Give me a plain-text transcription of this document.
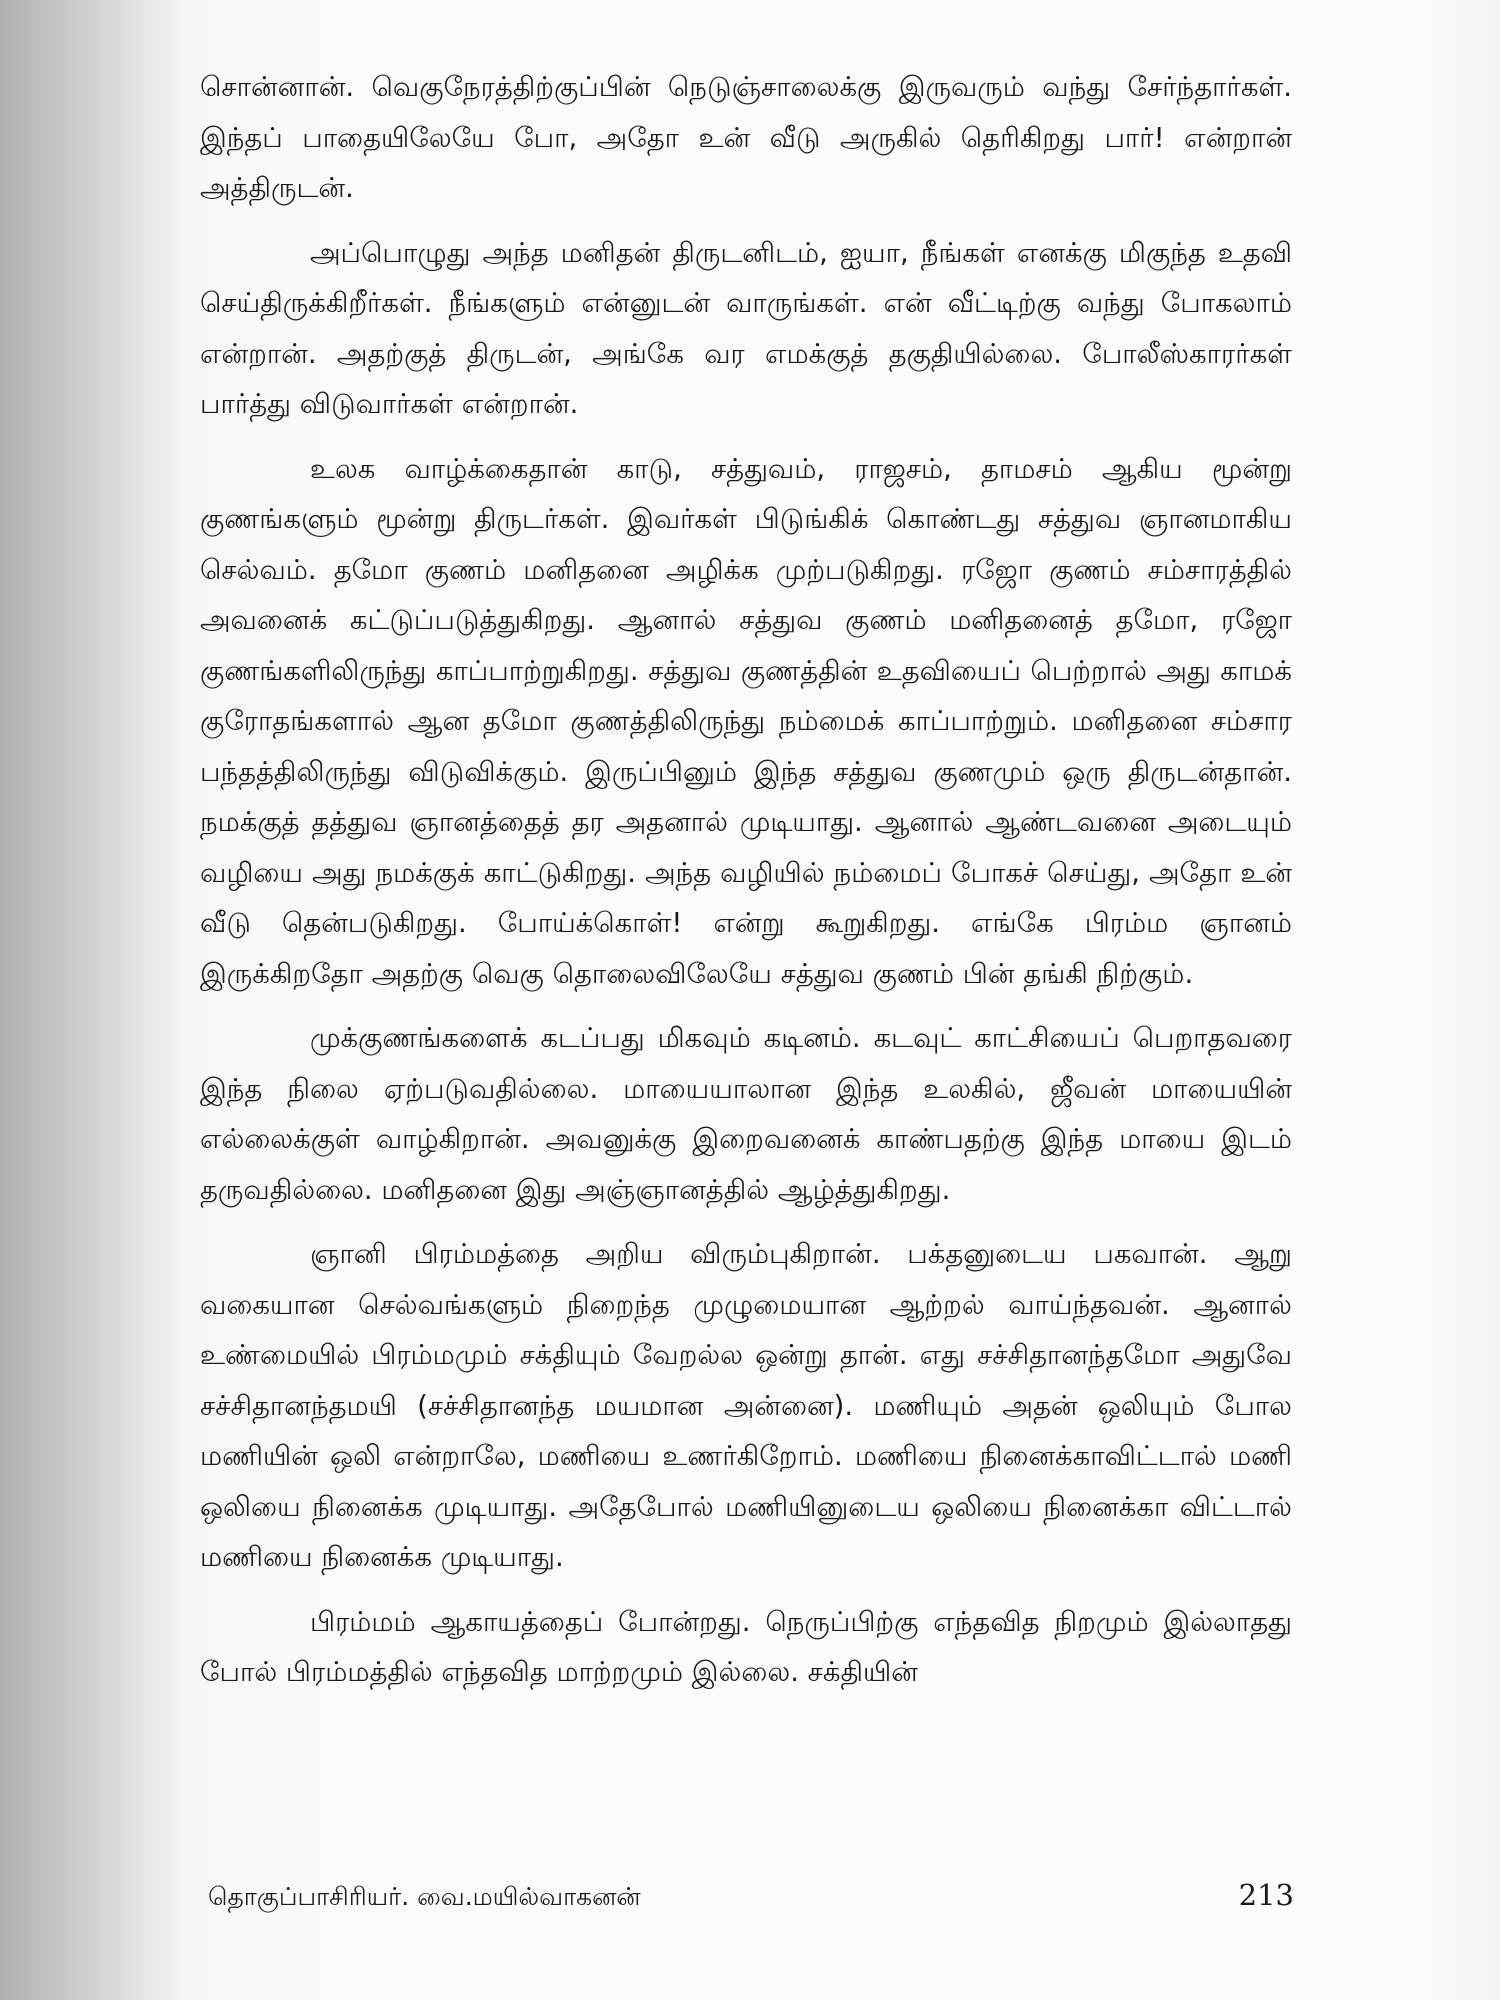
சொன்னான். வெகுநேரத்திற்குப்பின் நெடுஞ்சாலைக்கு இருவரும் வந்து சேர்ந்தார்கள். இந்தப் பாதையிலேயே போ, அதோ உன் வீடு அருகில் தெரிகிறது பார்! என்றான் அத்திருடன்.

அப்பொழுது அந்த மனிதன் திருடனிடம், ஐயா, நீங்கள் எனக்கு மிகுந்த உதவி செய்திருக்கிறீர்கள். நீங்களும் என்னுடன் வாருங்கள். என் வீட்டிற்கு வந்து போகலாம் என்றான். அதற்குத் திருடன், அங்கே வர எமக்குத் தகுதியில்லை. போலீஸ்காரர்கள் பார்த்து விடுவார்கள் என்றான்.

உலக வாழ்க்கைதான் காடு, சத்துவம், ராஜசம், தாமசம் ஆகிய மூன்று குணங்களும் மூன்று திருடர்கள். இவர்கள் பிடுங்கிக் கொண்டது சத்துவ ஞானமாகிய செல்வம். தமோ குணம் மனிதனை அழிக்க முற்படுகிறது. ரஜோ குணம் சம்சாரத்தில் அவனைக் கட்டுப்படுத்துகிறது. ஆனால் சத்துவ குணம் மனிதனைத் தமோ, ரஜோ குணங்களிலிருந்து காப்பாற்றுகிறது. சத்துவ குணத்தின் உதவியைப் பெற்றால் அது காமக் குரோதங்களால் ஆன தமோ குணத்திலிருந்து நம்மைக் காப்பாற்றும். மனிதனை சம்சார பந்தத்திலிருந்து விடுவிக்கும். இருப்பினும் இந்த சத்துவ குணமும் ஒரு திருடன்தான். நமக்குத் தத்துவ ஞானத்தைத் தர அதனால் முடியாது. ஆனால் ஆண்டவனை அடையும் வழியை அது நமக்குக் காட்டுகிறது. அந்த வழியில் நம்மைப் போகச் செய்து, அதோ உன் வீடு தென்படுகிறது. போய்க்கொள்! என்று கூறுகிறது. எங்கே பிரம்ம ஞானம் இருக்கிறதோ அதற்கு வெகு தொலைவிலேயே சத்துவ குணம் பின் தங்கி நிற்கும்.

முக்குணங்களைக் கடப்பது மிகவும் கடினம். கடவுட் காட்சியைப் பெறாதவரை இந்த நிலை ஏற்படுவதில்லை. மாயையாலான இந்த உலகில், ஜீவன் மாயையின் எல்லைக்குள் வாழ்கிறான். அவனுக்கு இறைவனைக் காண்பதற்கு இந்த மாயை இடம் தருவதில்லை. மனிதனை இது அஞ்ஞானத்தில் ஆழ்த்துகிறது.

ஞானி பிரம்மத்தை அறிய விரும்புகிறான். பக்தனுடைய பகவான். ஆறு வகையான செல்வங்களும் நிறைந்த முழுமையான ஆற்றல் வாய்ந்தவன். ஆனால் உண்மையில் பிரம்மமும் சக்தியும் வேறல்ல ஒன்று தான். எது சச்சிதானந்தமோ அதுவே சச்சிதானந்தமயி (சச்சிதானந்த மயமான அன்னை). மணியும் அதன் ஒலியும் போல மணியின் ஒலி என்றாலே, மணியை உணர்கிறோம். மணியை நினைக்காவிட்டால் மணி ஒலியை நினைக்க முடியாது. அதேபோல் மணியினுடைய ஒலியை நினைக்கா விட்டால் மணியை நினைக்க முடியாது.

பிரம்மம் ஆகாயத்தைப் போன்றது. நெருப்பிற்கு எந்தவித நிறமும் இல்லாதது போல் பிரம்மத்தில் எந்தவித மாற்றமும் இல்லை. சக்தியின்

தொகுப்பாசிரியர். வை.மயில்வாகனன்	213
